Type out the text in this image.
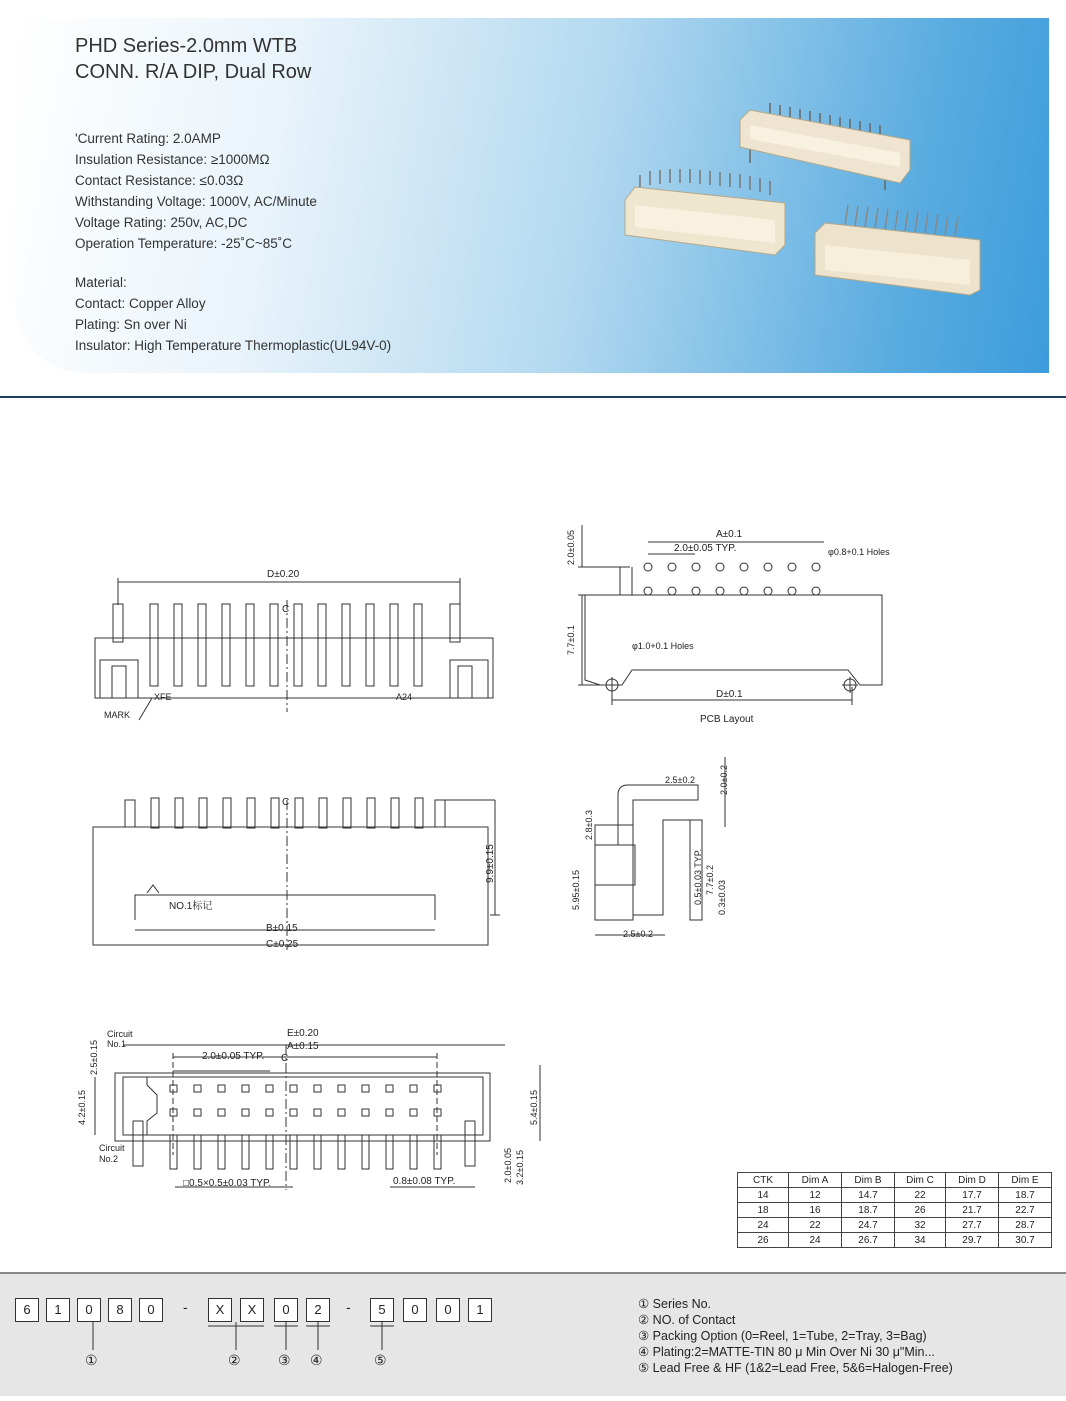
PHD Series-2.0mm WTB
CONN. R/A DIP, Dual Row
'Current Rating: 2.0AMP
Insulation Resistance: ≥1000MΩ
Contact Resistance: ≤0.03Ω
Withstanding Voltage: 1000V, AC/Minute
Voltage Rating: 250v, AC,DC
Operation Temperature: -25˚C~85˚C
Material:
Contact: Copper Alloy
Plating: Sn over Ni
Insulator: High Temperature Thermoplastic(UL94V-0)
D±0.20
C
XFE	A24
MARK
A±0.1
2.0±0.05 TYP.	φ0.8+0.1 Holes
φ1.0+0.1 Holes
D±0.1
PCB Layout
2.0±0.05
7.7±0.1
C
NO.1标记
B±0.15
C±0.25
9.9±0.15
2.5±0.2	2.0±0.2
2.8±0.3
5.95±0.15	0.5±0.03 TYP. 7.7±0.2
0.3±0.03
2.5±0.2
Circuit
No.1
Circuit
No.2
E±0.20
A±0.15
C
2.0±0.05 TYP.
2.5±0.15
4.2±0.15	5.4±0.15
2.0±0.05 3.2±0.15
□0.5×0.5±0.03 TYP.	0.8±0.08 TYP.	CTK	Dim A	Dim B	Dim C	Dim D	Dim E
14	12	14.7	22	17.7	18.7
18	16	18.7	26	21.7	22.7
24	22	24.7	32	27.7	28.7
26	24	26.7	34	29.7	30.7
6	1	0	8	0	-	X	X	0	2	-	5	0	0	1
①	②	③ ④	⑤
① Series No.
② NO. of Contact
③ Packing Option (0=Reel, 1=Tube, 2=Tray, 3=Bag)
④ Plating:2=MATTE-TIN 80 μ Min Over Ni 30 μ"Min...
⑤ Lead Free & HF (1&2=Lead Free, 5&6=Halogen-Free)
